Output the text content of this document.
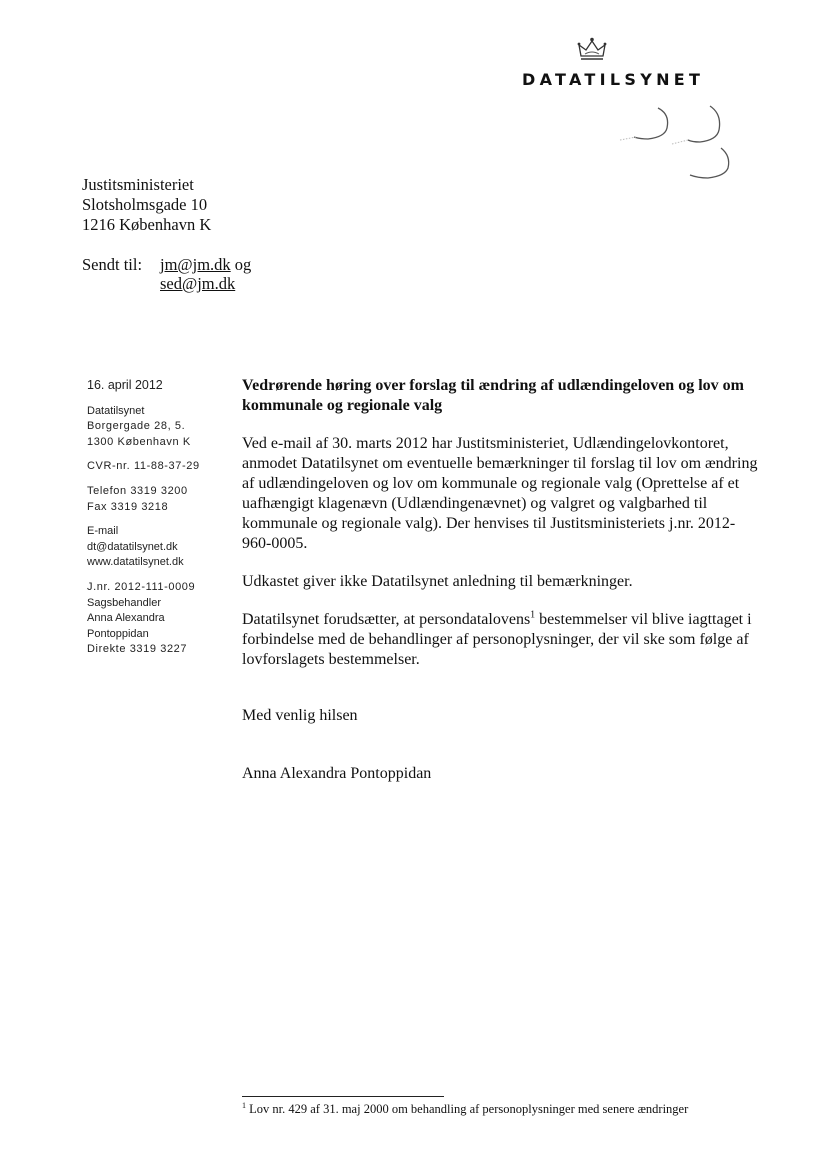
DATATILSYNET
Justitsministeriet
Slotsholmsgade 10
1216 København K
Sendt til: jm@jm.dk og
sed@jm.dk
16. april 2012
Datatilsynet
Borgergade 28, 5.
1300 København K
CVR-nr. 11-88-37-29
Telefon 3319 3200
Fax 3319 3218
E-mail
dt@datatilsynet.dk
www.datatilsynet.dk
J.nr. 2012-111-0009
Sagsbehandler
Anna Alexandra
Pontoppidan
Direkte 3319 3227

Vedrørende høring over forslag til ændring af udlændingeloven og lov om kommunale og regionale valg

Ved e-mail af 30. marts 2012 har Justitsministeriet, Udlændingelovkontoret, anmodet Datatilsynet om eventuelle bemærkninger til forslag til lov om ændring af udlændingeloven og lov om kommunale og regionale valg (Oprettelse af et uafhængigt klagenævn (Udlændingenævnet) og valgret og valgbarhed til kommunale og regionale valg). Der henvises til Justitsministeriets j.nr. 2012-960-0005.

Udkastet giver ikke Datatilsynet anledning til bemærkninger.

Datatilsynet forudsætter, at persondatalovens$^1$ bestemmelser vil blive iagttaget i forbindelse med de behandlinger af personoplysninger, der vil ske som følge af lovforslagets bestemmelser.

Med venlig hilsen
Anna Alexandra Pontoppidan
$^1$ Lov nr. 429 af 31. maj 2000 om behandling af personoplysninger med senere ændringer
